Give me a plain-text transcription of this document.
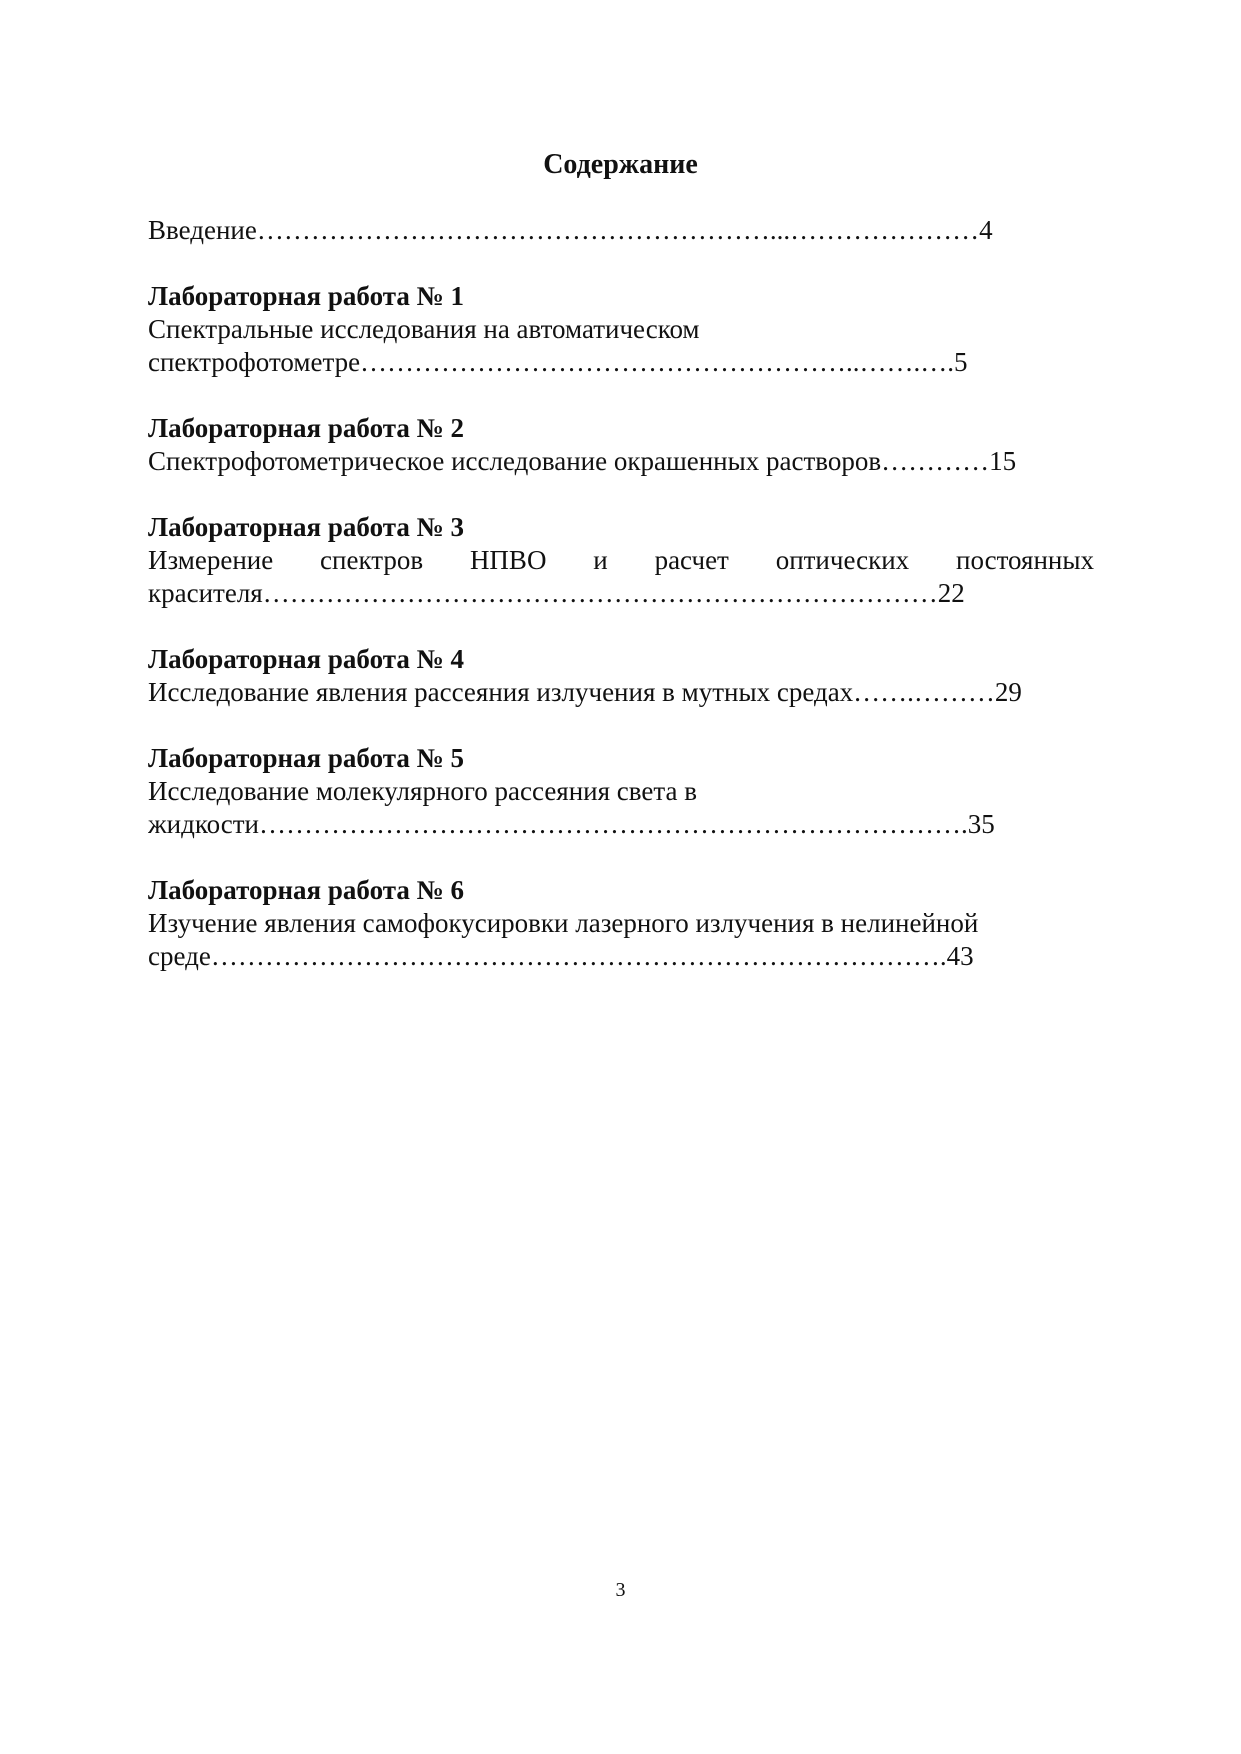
Содержание
Введение…………………………………………………...…………………4
Лабораторная работа № 1
Спектральные исследования на автоматическом
спектрофотометре………………………………………………..…….….5
Лабораторная работа № 2
Спектрофотометрическое исследование окрашенных растворов…………15
Лабораторная работа № 3
Измерение спектров НПВО и расчет оптических постоянных
красителя…………………………………………………………………22
Лабораторная работа № 4
Исследование явления рассеяния излучения в мутных средах…….………29
Лабораторная работа № 5
Исследование молекулярного рассеяния света в
жидкости…………………………………………………………………….35
Лабораторная работа № 6
Изучение явления самофокусировки лазерного излучения в нелинейной
среде……………………………………………………………………….43
3
